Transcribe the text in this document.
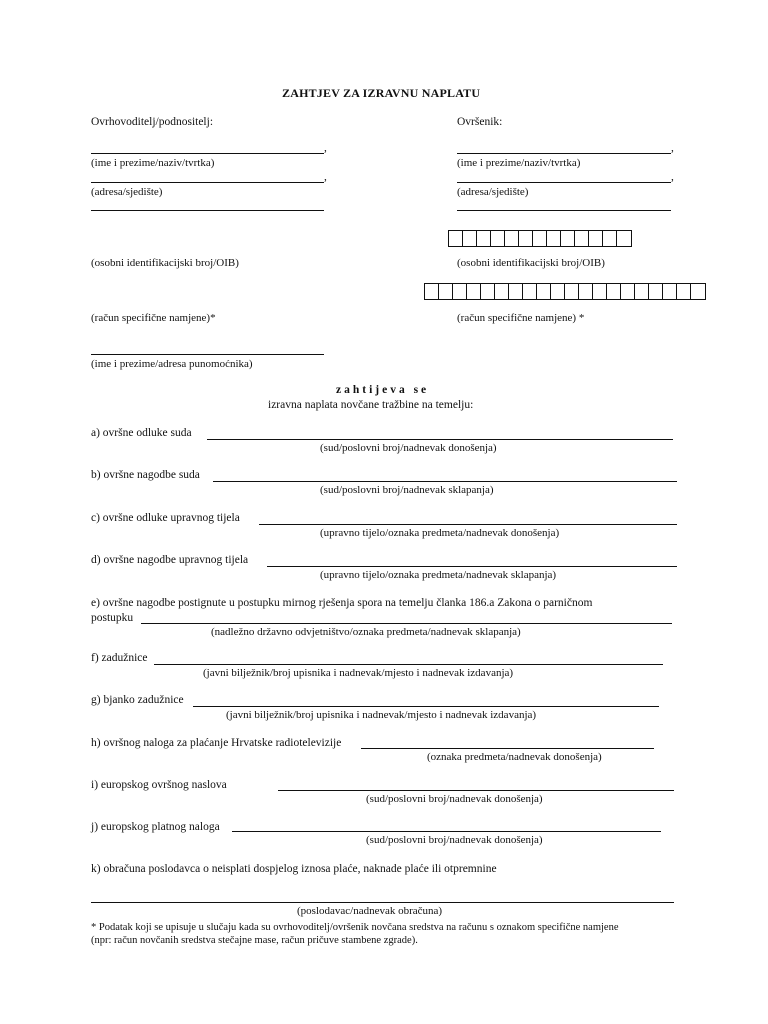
ZAHTJEV ZA IZRAVNU NAPLATU
Ovrhovoditelj/podnositelj:
,
(ime i prezime/naziv/tvrtka)
,
(adresa/sjedište)
(osobni identifikacijski broj/OIB)
(račun specifične namjene)*
(ime i prezime/adresa punomoćnika)
Ovršenik:
,
(ime i prezime/naziv/tvrtka)
,
(adresa/sjedište)
(osobni identifikacijski broj/OIB)
(račun specifične namjene) *
zahtijeva se
izravna naplata novčane tražbine na temelju:
a) ovršne odluke suda
(sud/poslovni broj/nadnevak donošenja)
b) ovršne nagodbe suda
(sud/poslovni broj/nadnevak sklapanja)
c) ovršne odluke upravnog tijela
(upravno tijelo/oznaka predmeta/nadnevak donošenja)
d) ovršne nagodbe upravnog tijela
(upravno tijelo/oznaka predmeta/nadnevak sklapanja)
e) ovršne nagodbe postignute u postupku mirnog rješenja spora na temelju članka 186.a Zakona o parničnom
postupku
(nadležno državno odvjetništvo/oznaka predmeta/nadnevak sklapanja)
f) zadužnice
(javni bilježnik/broj upisnika i nadnevak/mjesto i nadnevak izdavanja)
g) bjanko zadužnice
(javni bilježnik/broj upisnika i nadnevak/mjesto i nadnevak izdavanja)
h) ovršnog naloga za plaćanje Hrvatske radiotelevizije
(oznaka predmeta/nadnevak donošenja)
i) europskog ovršnog naslova
(sud/poslovni broj/nadnevak donošenja)
j) europskog platnog naloga
(sud/poslovni broj/nadnevak donošenja)
k) obračuna poslodavca o neisplati dospjelog iznosa plaće, naknade plaće ili otpremnine
(poslodavac/nadnevak obračuna)
* Podatak koji se upisuje u slučaju kada su ovrhovoditelj/ovršenik novčana sredstva na računu s oznakom specifične namjene
(npr: račun novčanih sredstva stečajne mase, račun pričuve stambene zgrade).
